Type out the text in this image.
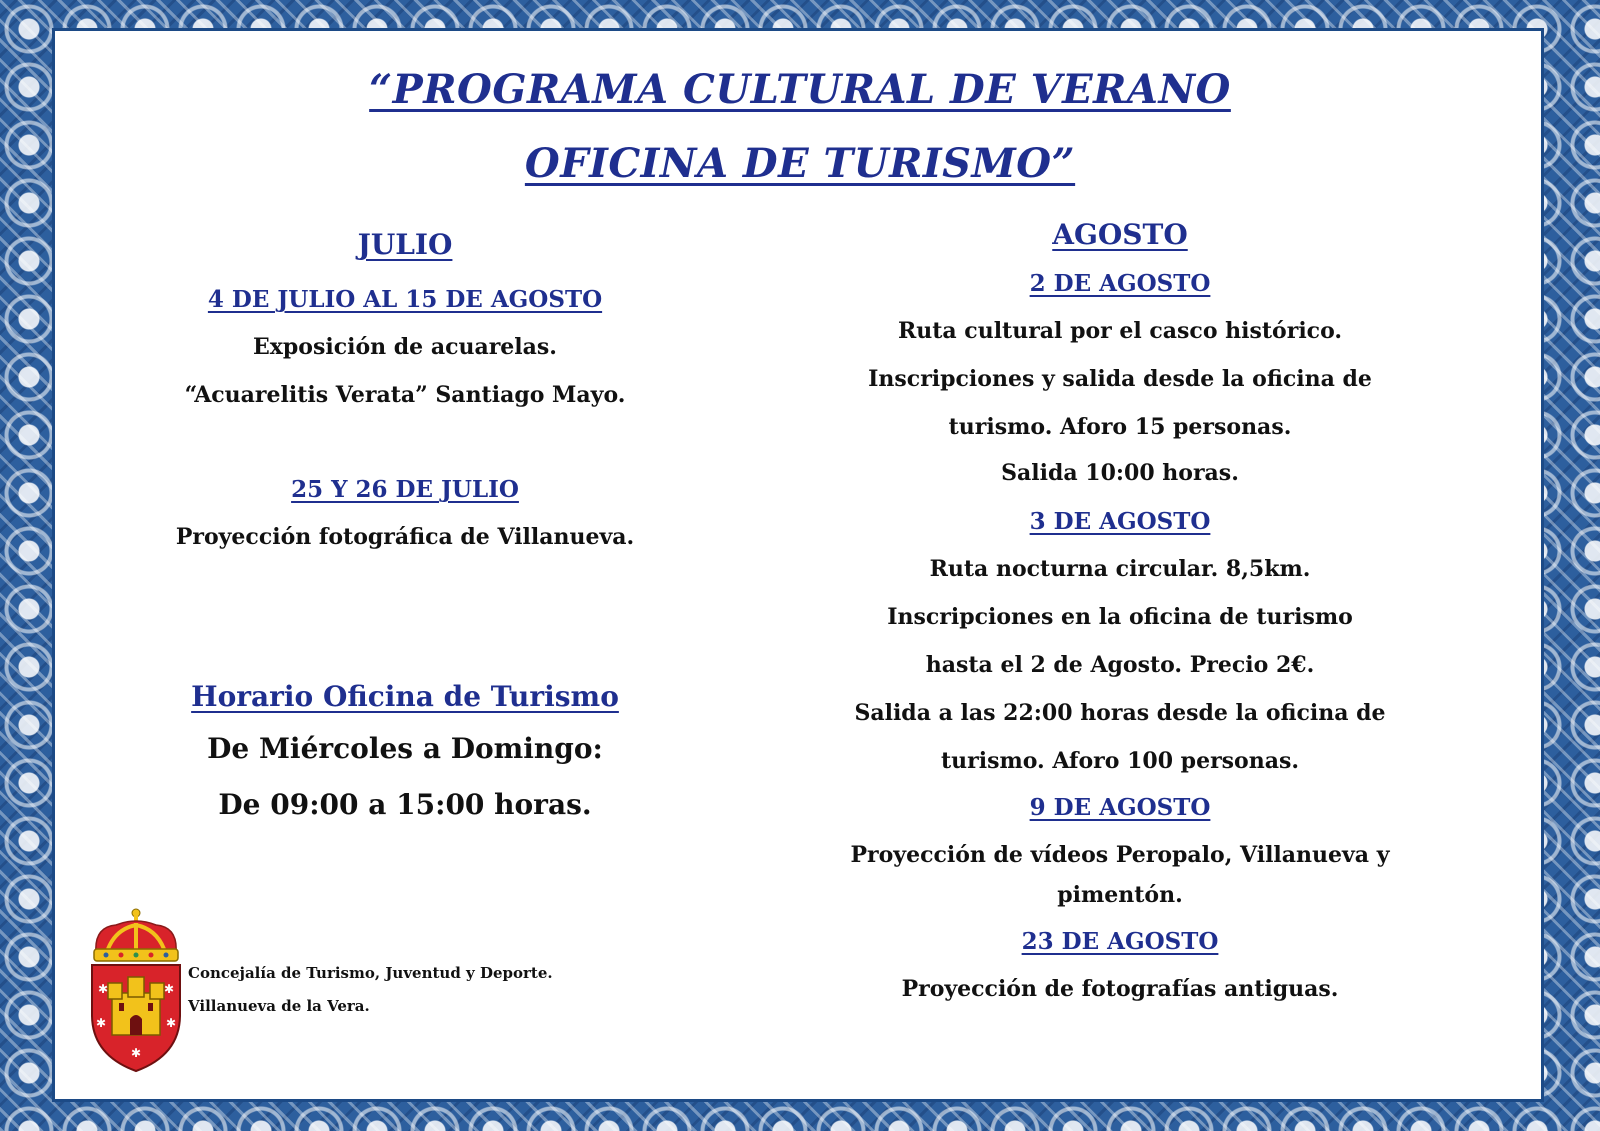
“PROGRAMA CULTURAL DE VERANO
OFICINA DE TURISMO”
JULIO
4 DE JULIO AL 15 DE AGOSTO
Exposición de acuarelas.
“Acuarelitis Verata” Santiago Mayo.
25 Y 26 DE JULIO
Proyección fotográfica de Villanueva.
Horario Oficina de Turismo
De Miércoles a Domingo:
De 09:00 a 15:00 horas.
AGOSTO
2 DE AGOSTO
Ruta cultural por el casco histórico.
Inscripciones y salida desde la oficina de
turismo. Aforo 15 personas.
Salida 10:00 horas.
3 DE AGOSTO
Ruta nocturna circular. 8,5km.
Inscripciones en la oficina de turismo
hasta el 2 de Agosto. Precio 2€.
Salida a las 22:00 horas desde la oficina de
turismo. Aforo 100 personas.
9 DE AGOSTO
Proyección de vídeos Peropalo, Villanueva y
pimentón.
23 DE AGOSTO
Proyección de fotografías antiguas.
✱	✱
✱	✱
✱
Concejalía de Turismo, Juventud y Deporte.
Villanueva de la Vera.
